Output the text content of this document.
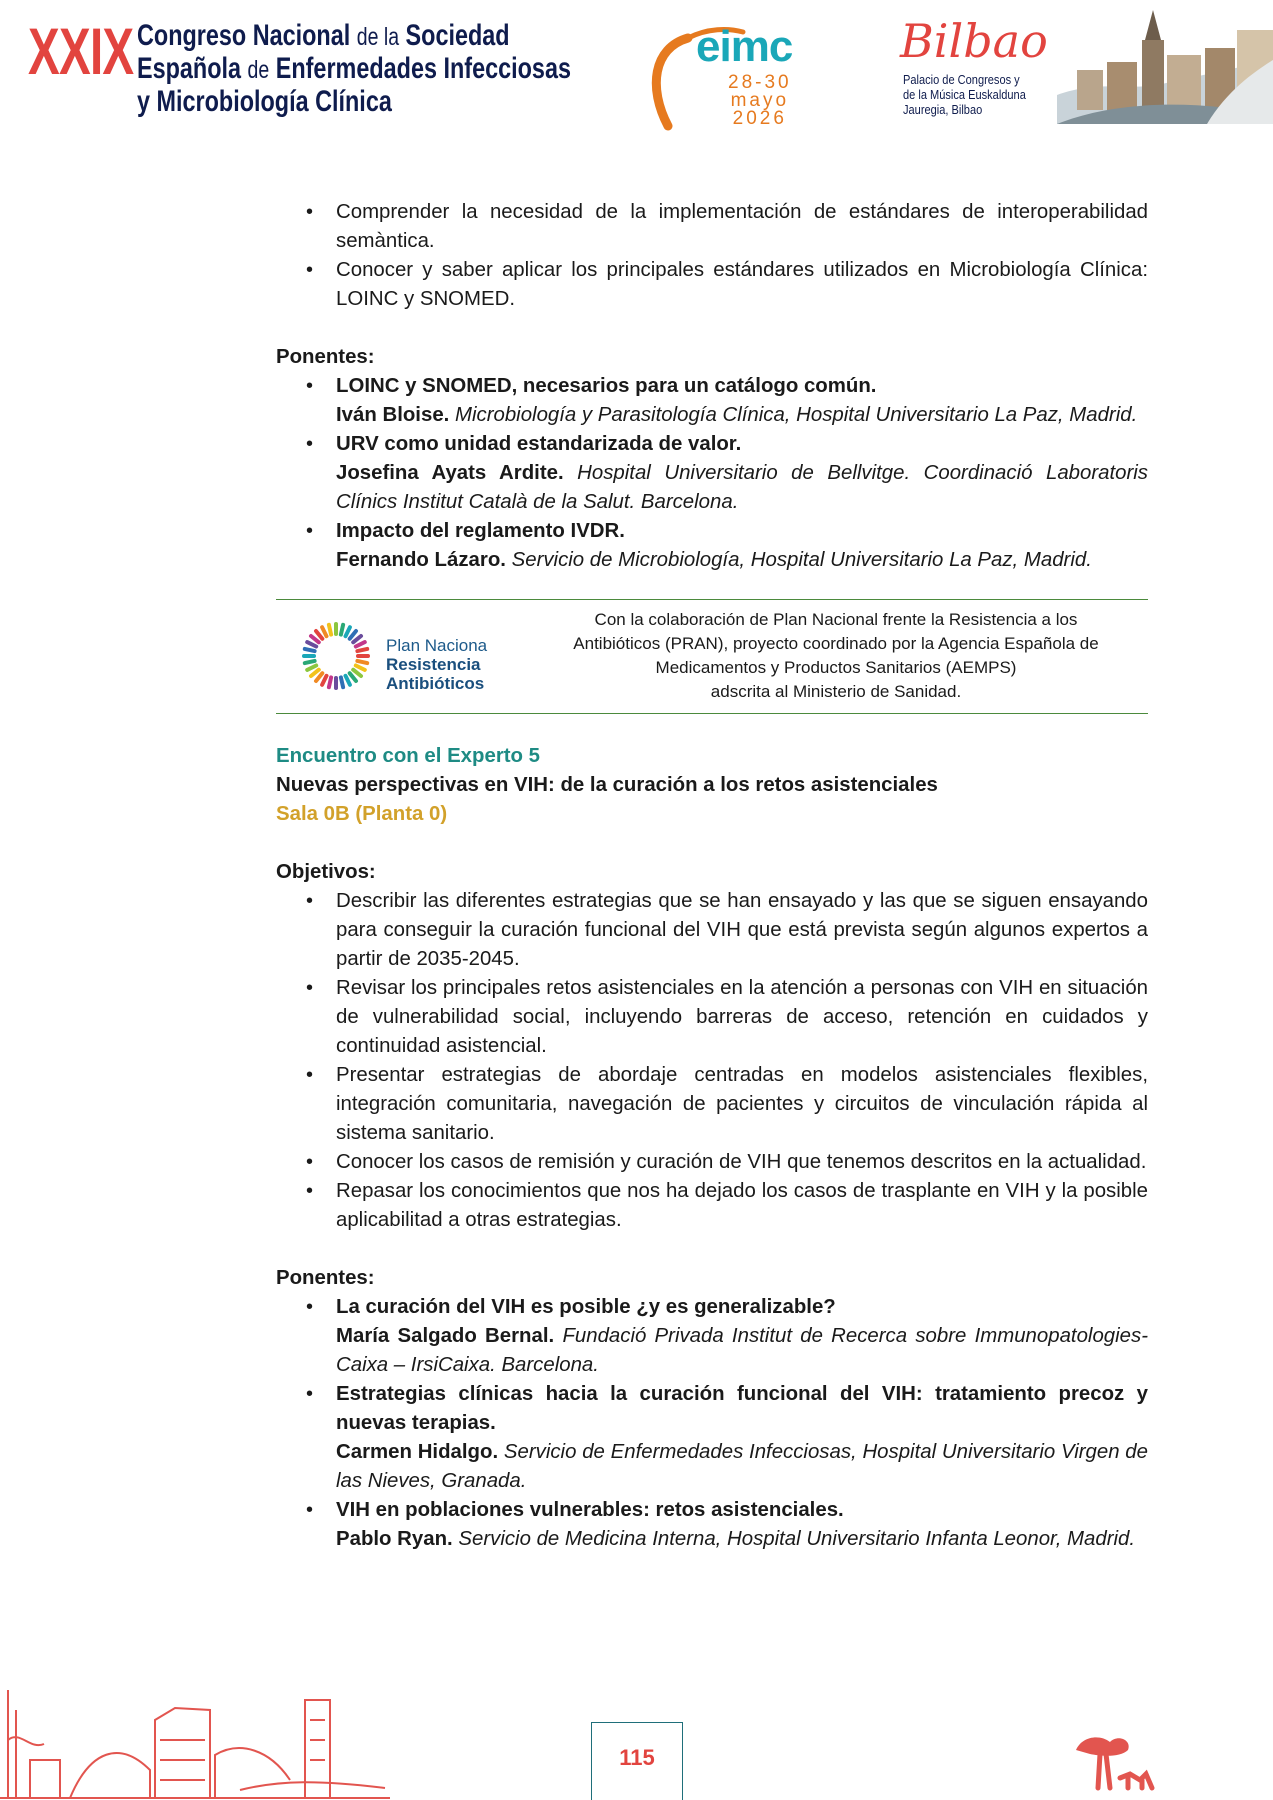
XXIX Congreso Nacional de la Sociedad
Española de Enfermedades Infecciosas
y Microbiología Clínica
eimc
28-30
mayo
2026
Bilbao
Palacio de Congresos y
de la Música Euskalduna
Jauregia, Bilbao
• Comprender la necesidad de la implementación de estándares de interoperabilidad semàntica.
• Conocer y saber aplicar los principales estándares utilizados en Microbiología Clínica: LOINC y SNOMED.
Ponentes:
• LOINC y SNOMED, necesarios para un catálogo común.
Iván Bloise. Microbiología y Parasitología Clínica, Hospital Universitario La Paz, Madrid.
• URV como unidad estandarizada de valor.
Josefina Ayats Ardite. Hospital Universitario de Bellvitge. Coordinació Laboratoris Clínics Institut Català de la Salut. Barcelona.
• Impacto del reglamento IVDR.
Fernando Lázaro. Servicio de Microbiología, Hospital Universitario La Paz, Madrid.
Plan Naciona
Resistencia
Antibióticos
Con la colaboración de Plan Nacional frente la Resistencia a los
Antibióticos (PRAN), proyecto coordinado por la Agencia Española de
Medicamentos y Productos Sanitarios (AEMPS)
adscrita al Ministerio de Sanidad.
Encuentro con el Experto 5
Nuevas perspectivas en VIH: de la curación a los retos asistenciales
Sala 0B (Planta 0)
Objetivos:
• Describir las diferentes estrategias que se han ensayado y las que se siguen ensayando para conseguir la curación funcional del VIH que está prevista según algunos expertos a partir de 2035-2045.
• Revisar los principales retos asistenciales en la atención a personas con VIH en situación de vulnerabilidad social, incluyendo barreras de acceso, retención en cuidados y continuidad asistencial.
• Presentar estrategias de abordaje centradas en modelos asistenciales flexibles, integración comunitaria, navegación de pacientes y circuitos de vinculación rápida al sistema sanitario.
• Conocer los casos de remisión y curación de VIH que tenemos descritos en la actualidad.
• Repasar los conocimientos que nos ha dejado los casos de trasplante en VIH y la posible aplicabilitad a otras estrategias.
Ponentes:
• La curación del VIH es posible ¿y es generalizable?
María Salgado Bernal. Fundació Privada Institut de Recerca sobre Immunopatologies-Caixa – IrsiCaixa. Barcelona.
• Estrategias clínicas hacia la curación funcional del VIH: tratamiento precoz y nuevas terapias.
Carmen Hidalgo. Servicio de Enfermedades Infecciosas, Hospital Universitario Virgen de las Nieves, Granada.
• VIH en poblaciones vulnerables: retos asistenciales.
Pablo Ryan. Servicio de Medicina Interna, Hospital Universitario Infanta Leonor, Madrid.
115
